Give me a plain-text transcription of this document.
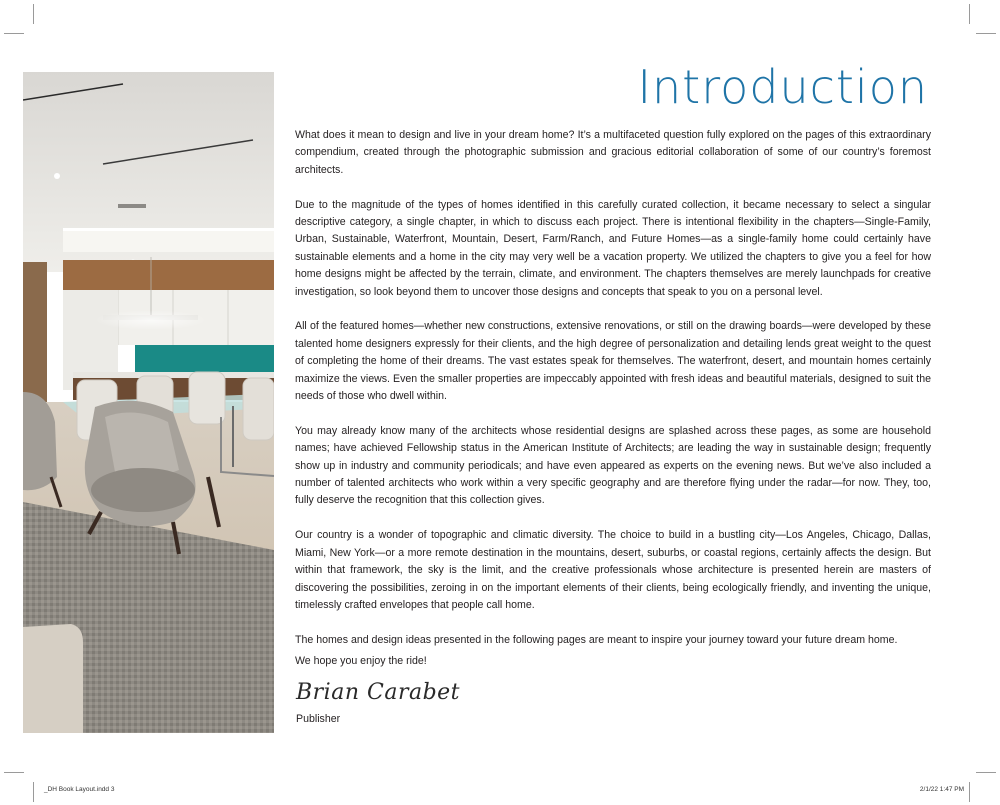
Introduction

What does it mean to design and live in your dream home? It’s a multifaceted question fully explored on the pages of this extraordinary compendium, created through the photographic submission and gracious editorial collaboration of some of our country’s foremost architects.

Due to the magnitude of the types of homes identified in this carefully curated collection, it became necessary to select a singular descriptive category, a single chapter, in which to discuss each project. There is intentional flexibility in the chapters—Single-Family, Urban, Sustainable, Waterfront, Mountain, Desert, Farm/Ranch, and Future Homes—as a single-family home could certainly have sustainable elements and a home in the city may very well be a vacation property. We utilized the chapters to give you a feel for how home designs might be affected by the terrain, climate, and environment. The chapters themselves are merely launchpads for creative investigation, so look beyond them to uncover those designs and concepts that speak to you on a personal level.

All of the featured homes—whether new constructions, extensive renovations, or still on the drawing boards—were developed by these talented home designers expressly for their clients, and the high degree of personalization and detailing lends great weight to the quest of completing the home of their dreams. The vast estates speak for themselves. The waterfront, desert, and mountain homes certainly maximize the views. Even the smaller properties are impeccably appointed with fresh ideas and beautiful materials, designed to suit the needs of those who dwell within.

You may already know many of the architects whose residential designs are splashed across these pages, as some are household names; have achieved Fellowship status in the American Institute of Architects; are leading the way in sustainable design; frequently show up in industry and community periodicals; and have even appeared as experts on the evening news. But we’ve also included a number of talented architects who work within a very specific geography and are therefore flying under the radar—for now. They, too, fully deserve the recognition that this collection gives.

Our country is a wonder of topographic and climatic diversity. The choice to build in a bustling city—Los Angeles, Chicago, Dallas, Miami, New York—or a more remote destination in the mountains, desert, suburbs, or coastal regions, certainly affects the design. But within that framework, the sky is the limit, and the creative professionals whose architecture is presented herein are masters of discovering the possibilities, zeroing in on the important elements of their clients, being ecologically friendly, and inventing the unique, timelessly crafted envelopes that people call home.

The homes and design ideas presented in the following pages are meant to inspire your journey toward your future dream home.

We hope you enjoy the ride!

Brian Carabet
Publisher
_DH Book Layout.indd 3	2/1/22 1:47 PM
